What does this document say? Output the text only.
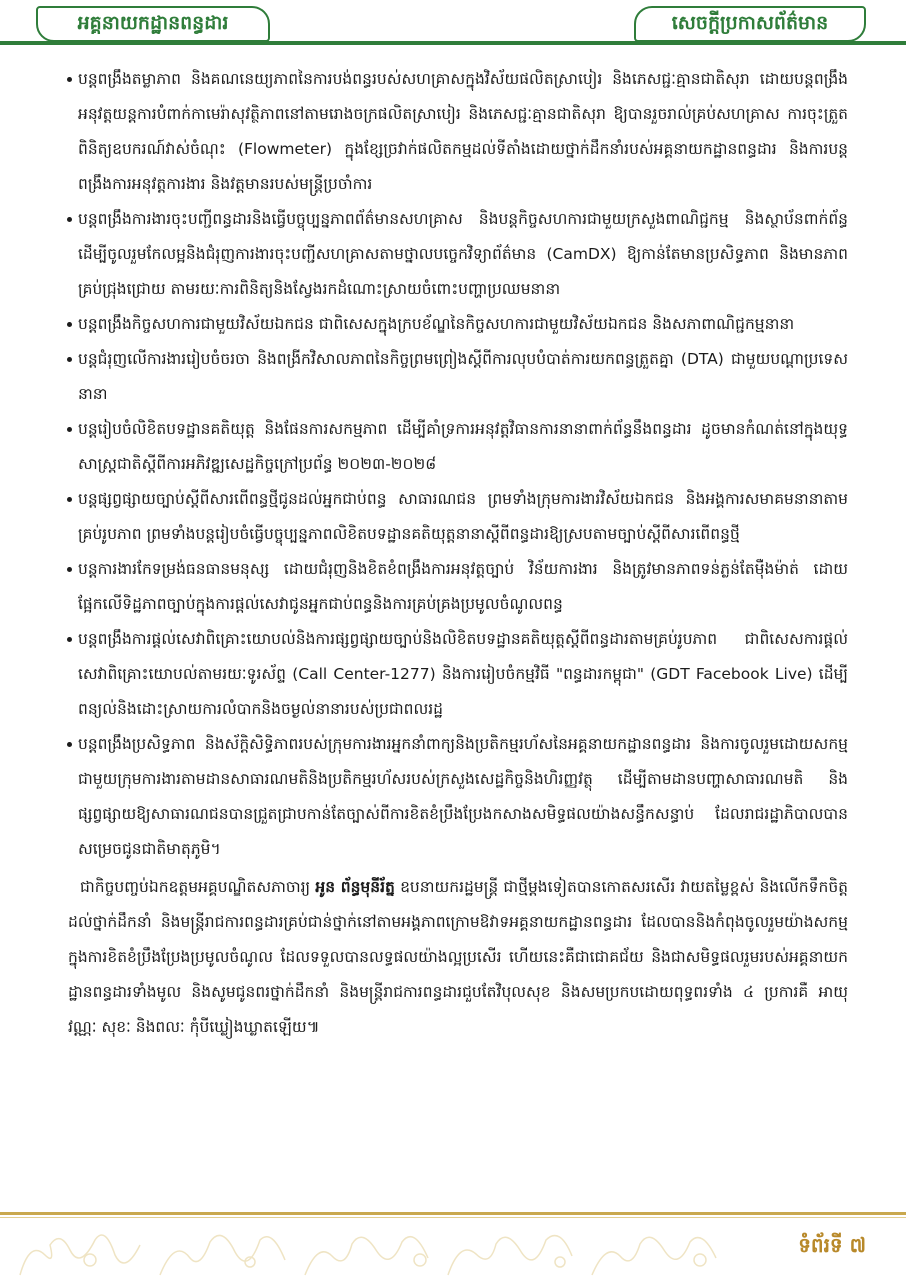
អគ្គនាយកដ្ឋានពន្ធដារ	សេចក្តីប្រកាសព័ត៌មាន
បន្តពង្រឹងតម្លាភាព និងគណនេយ្យភាពនៃការបង់ពន្ធរបស់សហគ្រាសក្នុងវិស័យផលិតស្រាបៀរ និងភេសជ្ជៈគ្មានជាតិសុរា ដោយបន្តពង្រឹងអនុវត្តយន្តការបំពាក់កាមេរ៉ាសុវត្ថិភាពនៅតាមរោងចក្រផលិតស្រាបៀរ និងភេសជ្ជៈគ្មានជាតិសុរា ឱ្យបានរួចរាល់គ្រប់សហគ្រាស ការចុះត្រួតពិនិត្យឧបករណ៍វាស់ចំណុះ (Flowmeter) ក្នុងខ្សែច្រវាក់ផលិតកម្មដល់ទីតាំងដោយថ្នាក់ដឹកនាំរបស់អគ្គនាយកដ្ឋានពន្ធដារ និងការបន្តពង្រឹងការអនុវត្តការងារ និងវត្តមានរបស់មន្ត្រីប្រចាំការ
បន្តពង្រឹងការងារចុះបញ្ជីពន្ធដារនិងធ្វើបច្ចុប្បន្នភាពព័ត៌មានសហគ្រាស និងបន្តកិច្ចសហការជាមួយក្រសួងពាណិជ្ជកម្ម និងស្ថាប័នពាក់ព័ន្ធ ដើម្បីចូលរួមកែលម្អនិងជំរុញការងារចុះបញ្ជីសហគ្រាសតាមថ្នាលបច្ចេកវិទ្យាព័ត៌មាន (CamDX) ឱ្យកាន់តែមានប្រសិទ្ធភាព និងមានភាពគ្រប់ជ្រុងជ្រោយ តាមរយៈការពិនិត្យនិងស្វែងរកដំណោះស្រាយចំពោះបញ្ហាប្រឈមនានា
បន្តពង្រឹងកិច្ចសហការជាមួយវិស័យឯកជន ជាពិសេសក្នុងក្របខ័ណ្ឌនៃកិច្ចសហការជាមួយវិស័យឯកជន និងសភាពាណិជ្ជកម្មនានា
បន្តជំរុញលើការងាររៀបចំចរចា និងពង្រីកវិសាលភាពនៃកិច្ចព្រមព្រៀងស្តីពីការលុបបំបាត់ការយកពន្ធត្រួតគ្នា (DTA) ជាមួយបណ្តាប្រទេសនានា
បន្តរៀបចំលិខិតបទដ្ឋានគតិយុត្ត និងផែនការសកម្មភាព ដើម្បីគាំទ្រការអនុវត្តវិធានការនានាពាក់ព័ន្ធនឹងពន្ធដារ ដូចមានកំណត់នៅក្នុងយុទ្ធសាស្ត្រជាតិស្តីពីការអភិវឌ្ឍសេដ្ឋកិច្ចក្រៅប្រព័ន្ធ ២០២៣-២០២៨
បន្តផ្សព្វផ្សាយច្បាប់ស្តីពីសារពើពន្ធថ្មីជូនដល់អ្នកជាប់ពន្ធ សាធារណជន ព្រមទាំងក្រុមការងារវិស័យឯកជន និងអង្គការសមាគមនានាតាមគ្រប់រូបភាព ព្រមទាំងបន្តរៀបចំធ្វើបច្ចុប្បន្នភាពលិខិតបទដ្ឋានគតិយុត្តនានាស្តីពីពន្ធដារឱ្យស្របតាមច្បាប់ស្តីពីសារពើពន្ធថ្មី
បន្តការងារកែទម្រង់ធនធានមនុស្ស ដោយជំរុញនិងខិតខំពង្រឹងការអនុវត្តច្បាប់ វិន័យការងារ និងត្រូវមានភាពទន់ភ្លន់តែម៉ឺងម៉ាត់ ដោយផ្អែកលើទិដ្ឋភាពច្បាប់ក្នុងការផ្តល់សេវាជូនអ្នកជាប់ពន្ធនិងការគ្រប់គ្រងប្រមូលចំណូលពន្ធ
បន្តពង្រឹងការផ្តល់សេវាពិគ្រោះយោបល់និងការផ្សព្វផ្សាយច្បាប់និងលិខិតបទដ្ឋានគតិយុត្តស្តីពីពន្ធដារតាមគ្រប់រូបភាព ជាពិសេសការផ្តល់សេវាពិគ្រោះយោបល់តាមរយៈទូរស័ព្ទ (Call Center-1277) និងការរៀបចំកម្មវិធី "ពន្ធដារកម្ពុជា" (GDT Facebook Live) ដើម្បីពន្យល់និងដោះស្រាយការលំបាកនិងចម្ងល់នានារបស់ប្រជាពលរដ្ឋ
បន្តពង្រឹងប្រសិទ្ធភាព និងស័ក្តិសិទ្ធិភាពរបស់ក្រុមការងារអ្នកនាំពាក្យនិងប្រតិកម្មរហ័សនៃអគ្គនាយកដ្ឋានពន្ធដារ និងការចូលរួមដោយសកម្មជាមួយក្រុមការងារតាមដានសាធារណមតិនិងប្រតិកម្មរហ័សរបស់ក្រសួងសេដ្ឋកិច្ចនិងហិរញ្ញវត្ថុ ដើម្បីតាមដានបញ្ហាសាធារណមតិ និងផ្សព្វផ្សាយឱ្យសាធារណជនបានជ្រួតជ្រាបកាន់តែច្បាស់ពីការខិតខំប្រឹងប្រែងកសាងសមិទ្ធផលយ៉ាងសន្ធឹកសន្ធាប់ ដែលរាជរដ្ឋាភិបាលបានសម្រេចជូនជាតិមាតុភូមិ។

ជាកិច្ចបញ្ចប់ឯកឧត្តមអគ្គបណ្ឌិតសភាចារ្យ អូន ព័ន្ធមុនីរ័ត្ន ឧបនាយករដ្ឋមន្ត្រី ជាថ្មីម្តងទៀតបានកោតសរសើរ វាយតម្លៃខ្ពស់ និងលើកទឹកចិត្តដល់ថ្នាក់ដឹកនាំ និងមន្ត្រីរាជការពន្ធដារគ្រប់ជាន់ថ្នាក់នៅតាមអង្គភាពក្រោមឱវាទអគ្គនាយកដ្ឋានពន្ធដារ ដែលបាននិងកំពុងចូលរួមយ៉ាងសកម្មក្នុងការខិតខំប្រឹងប្រែងប្រមូលចំណូល ដែលទទួលបានលទ្ធផលយ៉ាងល្អប្រសើរ ហើយនេះគឺជាជោគជ័យ និងជាសមិទ្ធផលរួមរបស់អគ្គនាយកដ្ឋានពន្ធដារទាំងមូល និងសូមជូនពរថ្នាក់ដឹកនាំ និងមន្ត្រីរាជការពន្ធដារជួបតែវិបុលសុខ និងសមប្រកបដោយពុទ្ធពរទាំង ៤ ប្រការគឺ អាយុ វណ្ណៈ សុខៈ និងពលៈ កុំបីឃ្លៀងឃ្លាតឡើយ៕

ទំព័រទី ៧
